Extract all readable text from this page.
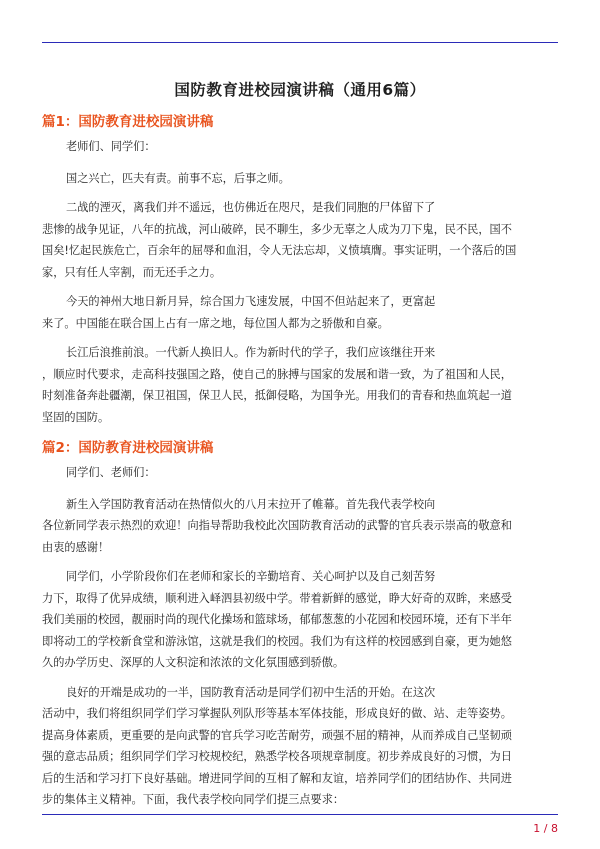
国防教育进校园演讲稿（通用6篇）
篇1：国防教育进校园演讲稿
老师们、同学们：
国之兴亡，匹夫有责。前事不忘，后事之师。
二战的湮灭，离我们并不遥远，也仿佛近在咫尺，是我们同胞的尸体留下了
悲惨的战争见证，八年的抗战，河山破碎，民不聊生，多少无辜之人成为刀下鬼，民不民，国不
国矣!忆起民族危亡，百余年的屈辱和血泪，令人无法忘却，义愤填膺。事实证明，一个落后的国
家，只有任人宰割，而无还手之力。
今天的神州大地日新月异，综合国力飞速发展，中国不但站起来了，更富起
来了。中国能在联合国上占有一席之地，每位国人都为之骄傲和自豪。
长江后浪推前浪。一代新人换旧人。作为新时代的学子，我们应该继往开来
，顺应时代要求，走高科技强国之路，使自己的脉搏与国家的发展和谐一致，为了祖国和人民，
时刻准备奔赴疆潮，保卫祖国，保卫人民，抵御侵略，为国争光。用我们的青春和热血筑起一道
坚固的国防。
篇2：国防教育进校园演讲稿
同学们、老师们：
新生入学国防教育活动在热情似火的八月末拉开了帷幕。首先我代表学校向
各位新同学表示热烈的欢迎！向指导帮助我校此次国防教育活动的武警的官兵表示崇高的敬意和
由衷的感谢！
同学们，小学阶段你们在老师和家长的辛勤培育、关心呵护以及自己刻苦努
力下，取得了优异成绩，顺利进入峄泗县初级中学。带着新鲜的感觉，睁大好奇的双眸，来感受
我们美丽的校园，靓丽时尚的现代化操场和篮球场，郁郁葱葱的小花园和校园环境，还有下半年
即将动工的学校新食堂和游泳馆，这就是我们的校园。我们为有这样的校园感到自豪，更为她悠
久的办学历史、深厚的人文积淀和浓浓的文化氛围感到骄傲。
良好的开端是成功的一半，国防教育活动是同学们初中生活的开始。在这次
活动中，我们将组织同学们学习掌握队列队形等基本军体技能，形成良好的做、站、走等姿势。
提高身体素质，更重要的是向武警的官兵学习吃苦耐劳，顽强不屈的精神，从而养成自己坚韧顽
强的意志品质；组织同学们学习校规校纪，熟悉学校各项规章制度。初步养成良好的习惯，为日
后的生活和学习打下良好基础。增进同学间的互相了解和友谊，培养同学们的团结协作、共同进
步的集体主义精神。下面，我代表学校向同学们提三点要求：
1 / 8
